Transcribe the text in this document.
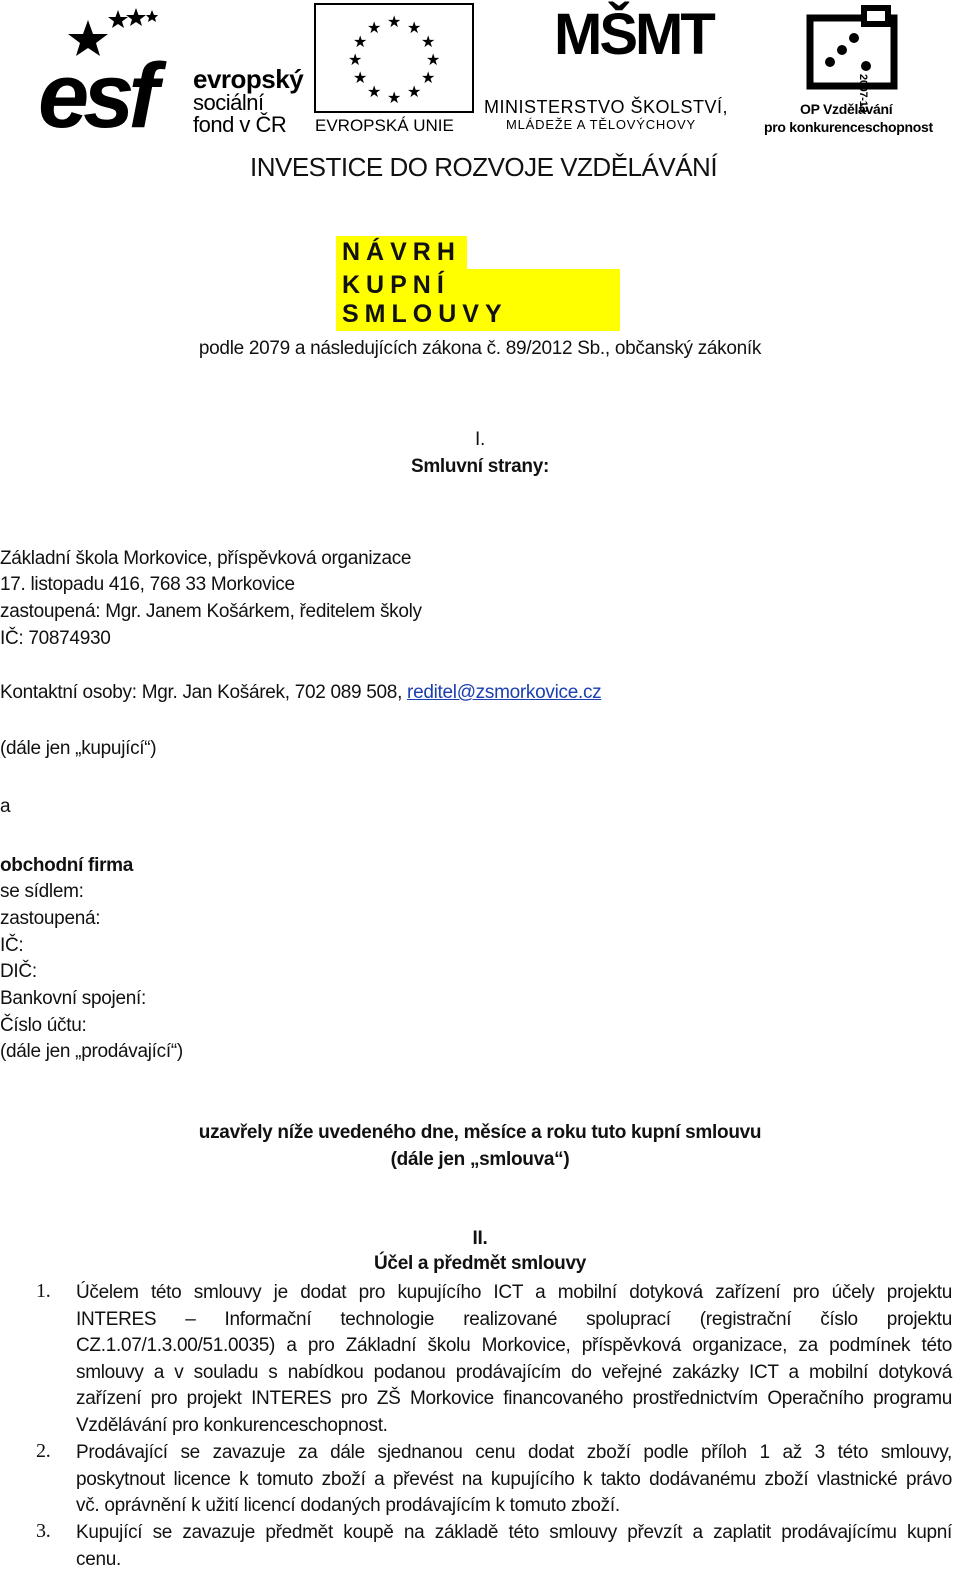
esf evropský
sociální
fond v ČR
★ ★
★
★
★
★
★
★
★
★
★
★
EVROPSKÁ UNIE
MŠMT
MINISTERSTVO ŠKOLSTVÍ,
MLÁDEŽE A TĚLOVÝCHOVY
2007-13
OP Vzdělávání
pro konkurenceschopnost
INVESTICE DO ROZVOJE VZDĚLÁVÁNÍ
NÁVRH
KUPNÍ SMLOUVY
podle 2079 a následujících zákona č. 89/2012 Sb., občanský zákoník
I.
Smluvní strany:
Základní škola Morkovice, příspěvková organizace
17. listopadu 416, 768 33 Morkovice
zastoupená: Mgr. Janem Košárkem, ředitelem školy
IČ: 70874930
Kontaktní osoby: Mgr. Jan Košárek, 702 089 508, reditel@zsmorkovice.cz
(dále jen „kupující“)
a
obchodní firma
se sídlem:
zastoupená:
IČ:
DIČ:
Bankovní spojení:
Číslo účtu:
(dále jen „prodávající“)
uzavřely níže uvedeného dne, měsíce a roku tuto kupní smlouvu
(dále jen „smlouva“)
II.
Účel a předmět smlouvy
1. Účelem této smlouvy je dodat pro kupujícího ICT a mobilní dotyková zařízení pro účely projektu
INTERES – Informační technologie realizované spoluprací (registrační číslo projektu
CZ.1.07/1.3.00/51.0035) a pro Základní školu Morkovice, příspěvková organizace, za podmínek této
smlouvy a v souladu s nabídkou podanou prodávajícím do veřejné zakázky ICT a mobilní dotyková
zařízení pro projekt INTERES pro ZŠ Morkovice financovaného prostřednictvím Operačního programu
Vzdělávání pro konkurenceschopnost.
2. Prodávající se zavazuje za dále sjednanou cenu dodat zboží podle příloh 1 až 3 této smlouvy,
poskytnout licence k tomuto zboží a převést na kupujícího k takto dodávanému zboží vlastnické právo
vč. oprávnění k užití licencí dodaných prodávajícím k tomuto zboží.
3. Kupující se zavazuje předmět koupě na základě této smlouvy převzít a zaplatit prodávajícímu kupní
cenu.
